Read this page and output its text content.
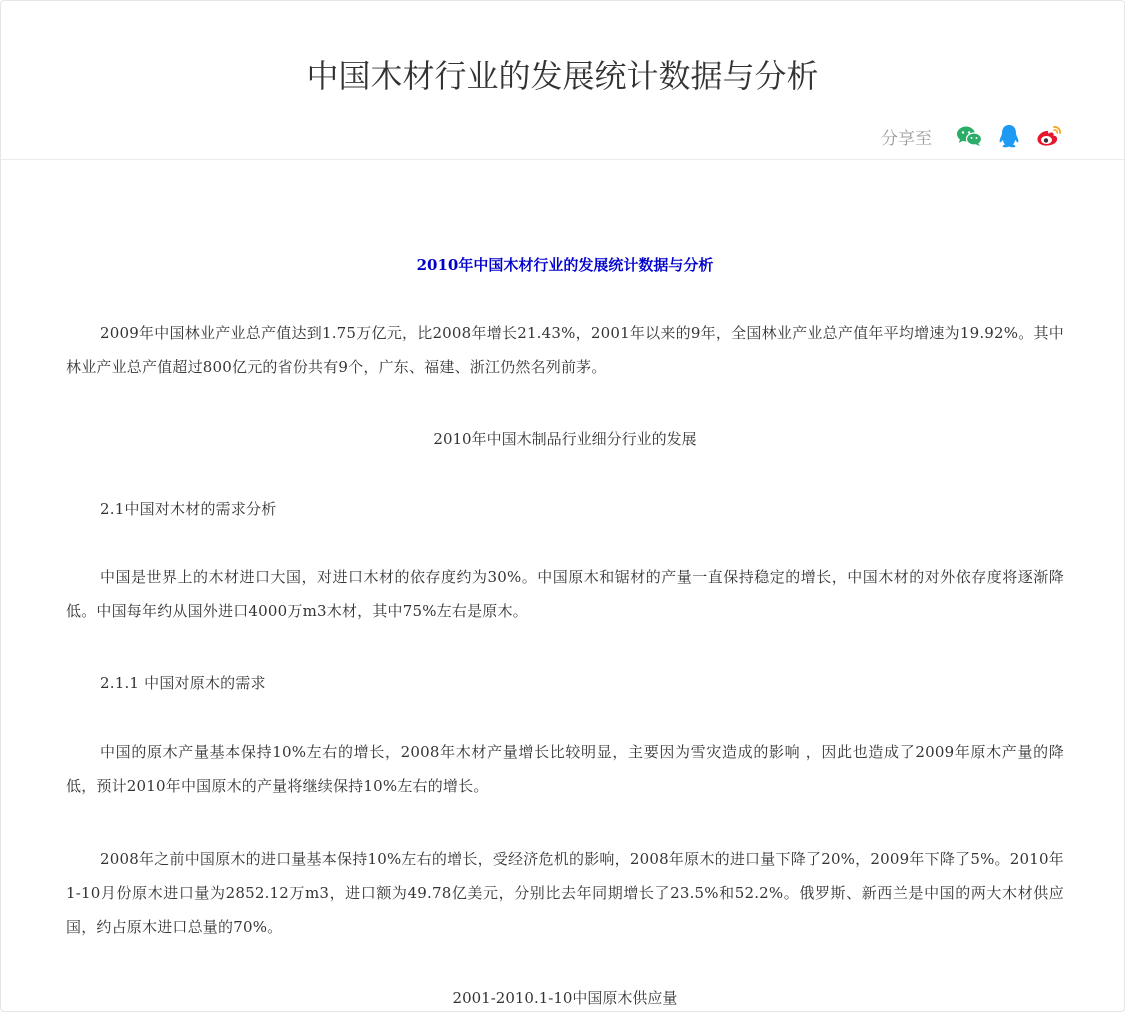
中国木材行业的发展统计数据与分析
分享至
2010年中国木材行业的发展统计数据与分析

2009年中国林业产业总产值达到1.75万亿元，比2008年增长21.43%，2001年以来的9年，全国林业产业总产值年平均增速为19.92%。其中林业产业总产值超过800亿元的省份共有9个，广东、福建、浙江仍然名列前茅。

2010年中国木制品行业细分行业的发展

2.1中国对木材的需求分析

中国是世界上的木材进口大国，对进口木材的依存度约为30%。中国原木和锯材的产量一直保持稳定的增长，中国木材的对外依存度将逐渐降低。中国每年约从国外进口4000万m3木材，其中75%左右是原木。

2.1.1 中国对原木的需求

中国的原木产量基本保持10%左右的增长，2008年木材产量增长比较明显，主要因为雪灾造成的影响 ，因此也造成了2009年原木产量的降低，预计2010年中国原木的产量将继续保持10%左右的增长。

2008年之前中国原木的进口量基本保持10%左右的增长，受经济危机的影响，2008年原木的进口量下降了20%，2009年下降了5%。2010年1-10月份原木进口量为2852.12万m3，进口额为49.78亿美元，分别比去年同期增长了23.5%和52.2%。俄罗斯、新西兰是中国的两大木材供应国，约占原木进口总量的70%。

2001-2010.1-10中国原木供应量
